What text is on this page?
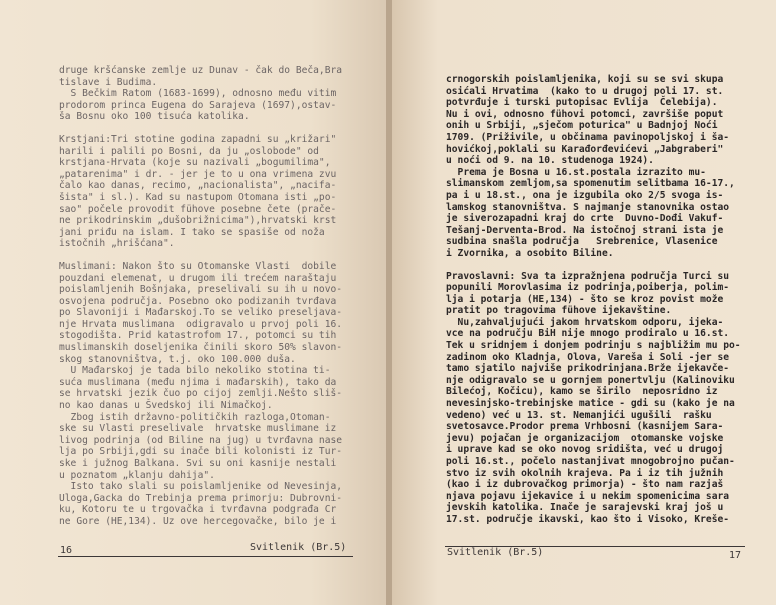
druge kršćanske zemlje uz Dunav - čak do Beča,Bra
tislave i Budima.
S Bečkim Ratom (1683-1699), odnosno među vitim
prodorom princa Eugena do Sarajeva (1697),ostav-
ša Bosnu oko 100 tisuća katolika.
Krstjani:Tri stotine godina zapadni su „križari"
harili i palili po Bosni, da ju „oslobode" od
krstjana-Hrvata (koje su nazivali „bogumilima",
„patarenima" i dr. - jer je to u ona vrimena zvu
čalo kao danas, recimo, „nacionalista", „nacifa-
šista" i sl.). Kad su nastupom Otomana isti „po-
sao" počele provodit fühove posebne čete (prače-
ne prikodrinskim „dušobrižnicima"),hrvatski krst
jani priđu na islam. I tako se spasiše od noža
istočnih „hrišćana".
Muslimani: Nakon što su Otomanske Vlasti  dobile
pouzdani elemenat, u drugom ili trećem naraštaju
poislamljenih Bošnjaka, preselivali su ih u novo-
osvojena područja. Posebno oko podizanih tvrđava
po Slavoniji i Mađarskoj.To se veliko preseljava-
nje Hrvata muslimana  odigravalo u prvoj poli 16.
stogodišta. Prid katastrofom 17., potomci su tih
muslimanskih doseljenika činili skoro 50% slavon-
skog stanovništva, t.j. oko 100.000 duša.
U Mađarskoj je tada bilo nekoliko stotina ti-
suća muslimana (među njima i mađarskih), tako da
se hrvatski jezik čuo po cijoj zemlji.Nešto sliš-
no kao danas u Švedskoj ili Nimačkoj.
Zbog istih državno-političkih razloga,Otoman-
ske su Vlasti preselivale  hrvatske muslimane iz
livog podrinja (od Biline na jug) u tvrđavna nase
lja po Srbiji,gdi su inače bili kolonisti iz Tur-
ske i južnog Balkana. Svi su oni kasnije nestali
u poznatom „klanju dahija".
Isto tako slali su poislamljenike od Nevesinja,
Uloga,Gacka do Trebinja prema primorju: Dubrovni-
ku, Kotoru te u trgovačka i tvrđavna podgrađa Cr
ne Gore (HE,134). Uz ove hercegovačke, bilo je i
16	Svitlenik (Br.5)
crnogorskih poislamljenika, koji su se svi skupa
osićali Hrvatima  (kako to u drugoj poli 17. st.
potvrđuje i turski putopisac Evlija  Čelebija).
Nu i ovi, odnosno fühovi potomci, završiše poput
onih u Srbiji, „sječom poturica" u Badnjoj Noći
1709. (Priživile, u občinama pavinopoljskoj i ša-
hovićkoj,poklali su Karađorđevićevi „Jabgraberi"
u noći od 9. na 10. studenoga 1924).
Prema je Bosna u 16.st.postala izrazito mu-
slimanskom zemljom,sa spomenutim selitbama 16-17.,
pa i u 18.st., ona je izgubila oko 2/5 svoga is-
lamskog stanovništva. S najmanje stanovnika ostao
je siverozapadni kraj do crte  Duvno-Dođi Vakuf-
Tešanj-Derventa-Brod. Na istočnoj strani ista je
sudbina snašla područja   Srebrenice, Vlasenice
i Zvornika, a osobito Biline.
Pravoslavni: Sva ta izpražnjena područja Turci su
popunili Morovlasima iz podrinja,poiberja, polim-
lja i potarja (HE,134) - što se kroz povist može
pratit po tragovima fühove ijekavštine.
Nu,zahvaljujući jakom hrvatskom odporu, ijeka-
vce na području BiH nije mnogo prodiralo u 16.st.
Tek u sridnjem i donjem podrinju s najbližim mu po-
zadinom oko Kladnja, Olova, Vareša i Soli -jer se
tamo sjatilo najviše prikodrinjana.Brže ijekavče-
nje odigravalo se u gornjem ponertvlju (Kalinoviku
Bilećoj, Kočicu), kamo se širilo  neposridno iz
nevesinjsko-trebinjske matice - gdi su (kako je na
vedeno) već u 13. st. Nemanjići ugušili  rašku
svetosavce.Prodor prema Vrhbosni (kasnijem Sara-
jevu) pojačan je organizacijom  otomanske vojske
i uprave kad se oko novog sridišta, već u drugoj
poli 16.st., počelo nastanjivat mnogobrojno pučan-
stvo iz svih okolnih krajeva. Pa i iz tih južnih
(kao i iz dubrovačkog primorja) - što nam razjaš
njava pojavu ijekavice i u nekim spomenicima sara
jevskih katolika. Inače je sarajevski kraj još u
17.st. područje ikavski, kao što i Visoko, Kreše-
Svitlenik (Br.5)	17
